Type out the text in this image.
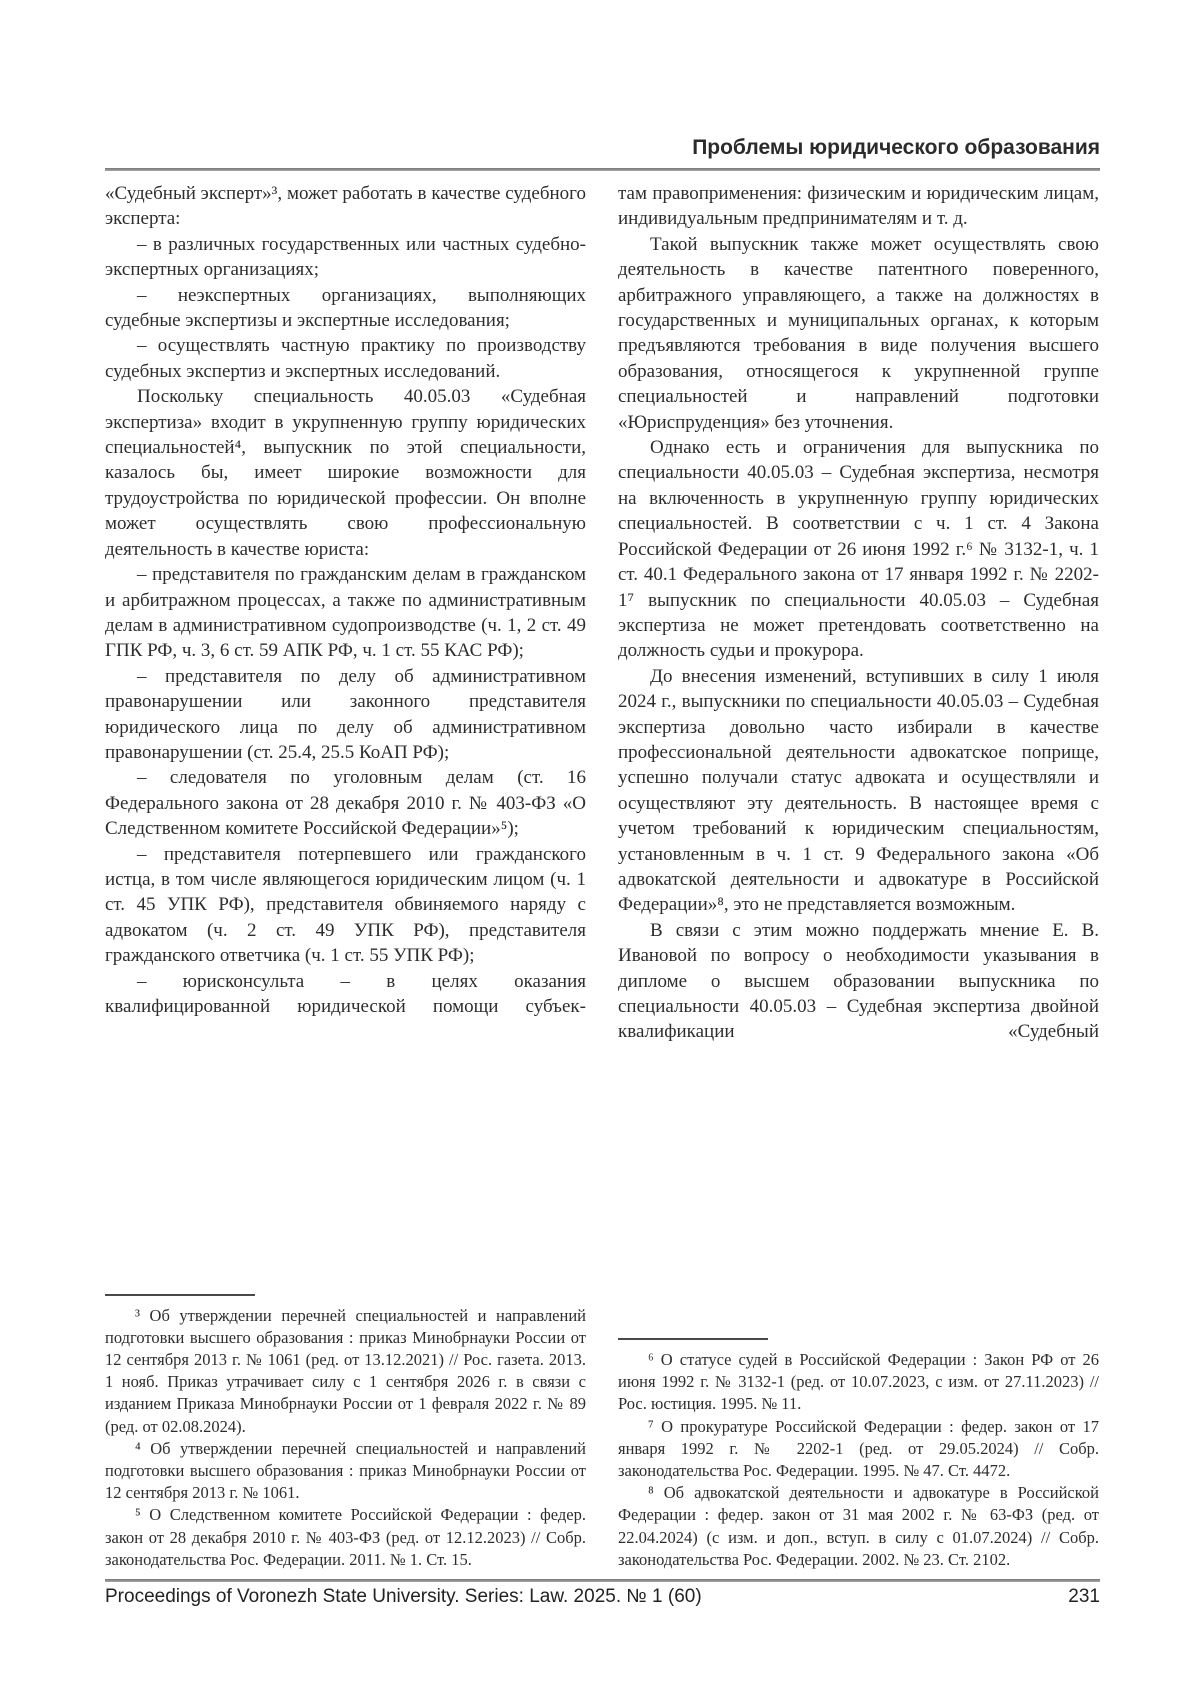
Проблемы юридического образования

«Судебный эксперт»³, может работать в качестве судебного эксперта:

– в различных государственных или частных судебно-экспертных организациях;

– неэкспертных организациях, выполняющих судебные экспертизы и экспертные исследования;

– осуществлять частную практику по производству судебных экспертиз и экспертных исследований.

Поскольку специальность 40.05.03 «Судебная экспертиза» входит в укрупненную группу юридических специальностей⁴, выпускник по этой специальности, казалось бы, имеет широкие возможности для трудоустройства по юридической профессии. Он вполне может осуществлять свою профессиональную деятельность в качестве юриста:

– представителя по гражданским делам в гражданском и арбитражном процессах, а также по административным делам в административном судопроизводстве (ч. 1, 2 ст. 49 ГПК РФ, ч. 3, 6 ст. 59 АПК РФ, ч. 1 ст. 55 КАС РФ);

– представителя по делу об административном правонарушении или законного представителя юридического лица по делу об административном правонарушении (ст. 25.4, 25.5 КоАП РФ);

– следователя по уголовным делам (ст. 16 Федерального закона от 28 декабря 2010 г. № 403-ФЗ «О Следственном комитете Российской Федерации»⁵);

– представителя потерпевшего или гражданского истца, в том числе являющегося юридическим лицом (ч. 1 ст. 45 УПК РФ), представителя обвиняемого наряду с адвокатом (ч. 2 ст. 49 УПК РФ), представителя гражданского ответчика (ч. 1 ст. 55 УПК РФ);

– юрисконсульта – в целях оказания квалифицированной юридической помощи субъек-

³ Об утверждении перечней специальностей и направлений подготовки высшего образования : приказ Минобрнауки России от 12 сентября 2013 г. № 1061 (ред. от 13.12.2021) // Рос. газета. 2013. 1 нояб. Приказ утрачивает силу с 1 сентября 2026 г. в связи с изданием Приказа Минобрнауки России от 1 февраля 2022 г. № 89 (ред. от 02.08.2024).

⁴ Об утверждении перечней специальностей и направлений подготовки высшего образования : приказ Минобрнауки России от 12 сентября 2013 г. № 1061.

⁵ О Следственном комитете Российской Федерации : федер. закон от 28 декабря 2010 г. № 403-ФЗ (ред. от 12.12.2023) // Собр. законодательства Рос. Федерации. 2011. № 1. Ст. 15.

там правоприменения: физическим и юридическим лицам, индивидуальным предпринимателям и т. д.

Такой выпускник также может осуществлять свою деятельность в качестве патентного поверенного, арбитражного управляющего, а также на должностях в государственных и муниципальных органах, к которым предъявляются требования в виде получения высшего образования, относящегося к укрупненной группе специальностей и направлений подготовки «Юриспруденция» без уточнения.

Однако есть и ограничения для выпускника по специальности 40.05.03 – Судебная экспертиза, несмотря на включенность в укрупненную группу юридических специальностей. В соответствии с ч. 1 ст. 4 Закона Российской Федерации от 26 июня 1992 г.⁶ № 3132-1, ч. 1 ст. 40.1 Федерального закона от 17 января 1992 г. № 2202-1⁷ выпускник по специальности 40.05.03 – Судебная экспертиза не может претендовать соответственно на должность судьи и прокурора.

До внесения изменений, вступивших в силу 1 июля 2024 г., выпускники по специальности 40.05.03 – Судебная экспертиза довольно часто избирали в качестве профессиональной деятельности адвокатское поприще, успешно получали статус адвоката и осуществляли и осуществляют эту деятельность. В настоящее время с учетом требований к юридическим специальностям, установленным в ч. 1 ст. 9 Федерального закона «Об адвокатской деятельности и адвокатуре в Российской Федерации»⁸, это не представляется возможным.

В связи с этим можно поддержать мнение Е. В. Ивановой по вопросу о необходимости указывания в дипломе о высшем образовании выпускника по специальности 40.05.03 – Судебная экспертиза двойной квалификации «Судебный

⁶ О статусе судей в Российской Федерации : Закон РФ от 26 июня 1992 г. № 3132-1 (ред. от 10.07.2023, с изм. от 27.11.2023) // Рос. юстиция. 1995. № 11.

⁷ О прокуратуре Российской Федерации : федер. закон от 17 января 1992 г. № 2202-1 (ред. от 29.05.2024) // Собр. законодательства Рос. Федерации. 1995. № 47. Ст. 4472.

⁸ Об адвокатской деятельности и адвокатуре в Российской Федерации : федер. закон от 31 мая 2002 г. № 63-ФЗ (ред. от 22.04.2024) (с изм. и доп., вступ. в силу с 01.07.2024) // Собр. законодательства Рос. Федерации. 2002. № 23. Ст. 2102.

Proceedings of Voronezh State University. Series: Law. 2025. № 1 (60)	231
